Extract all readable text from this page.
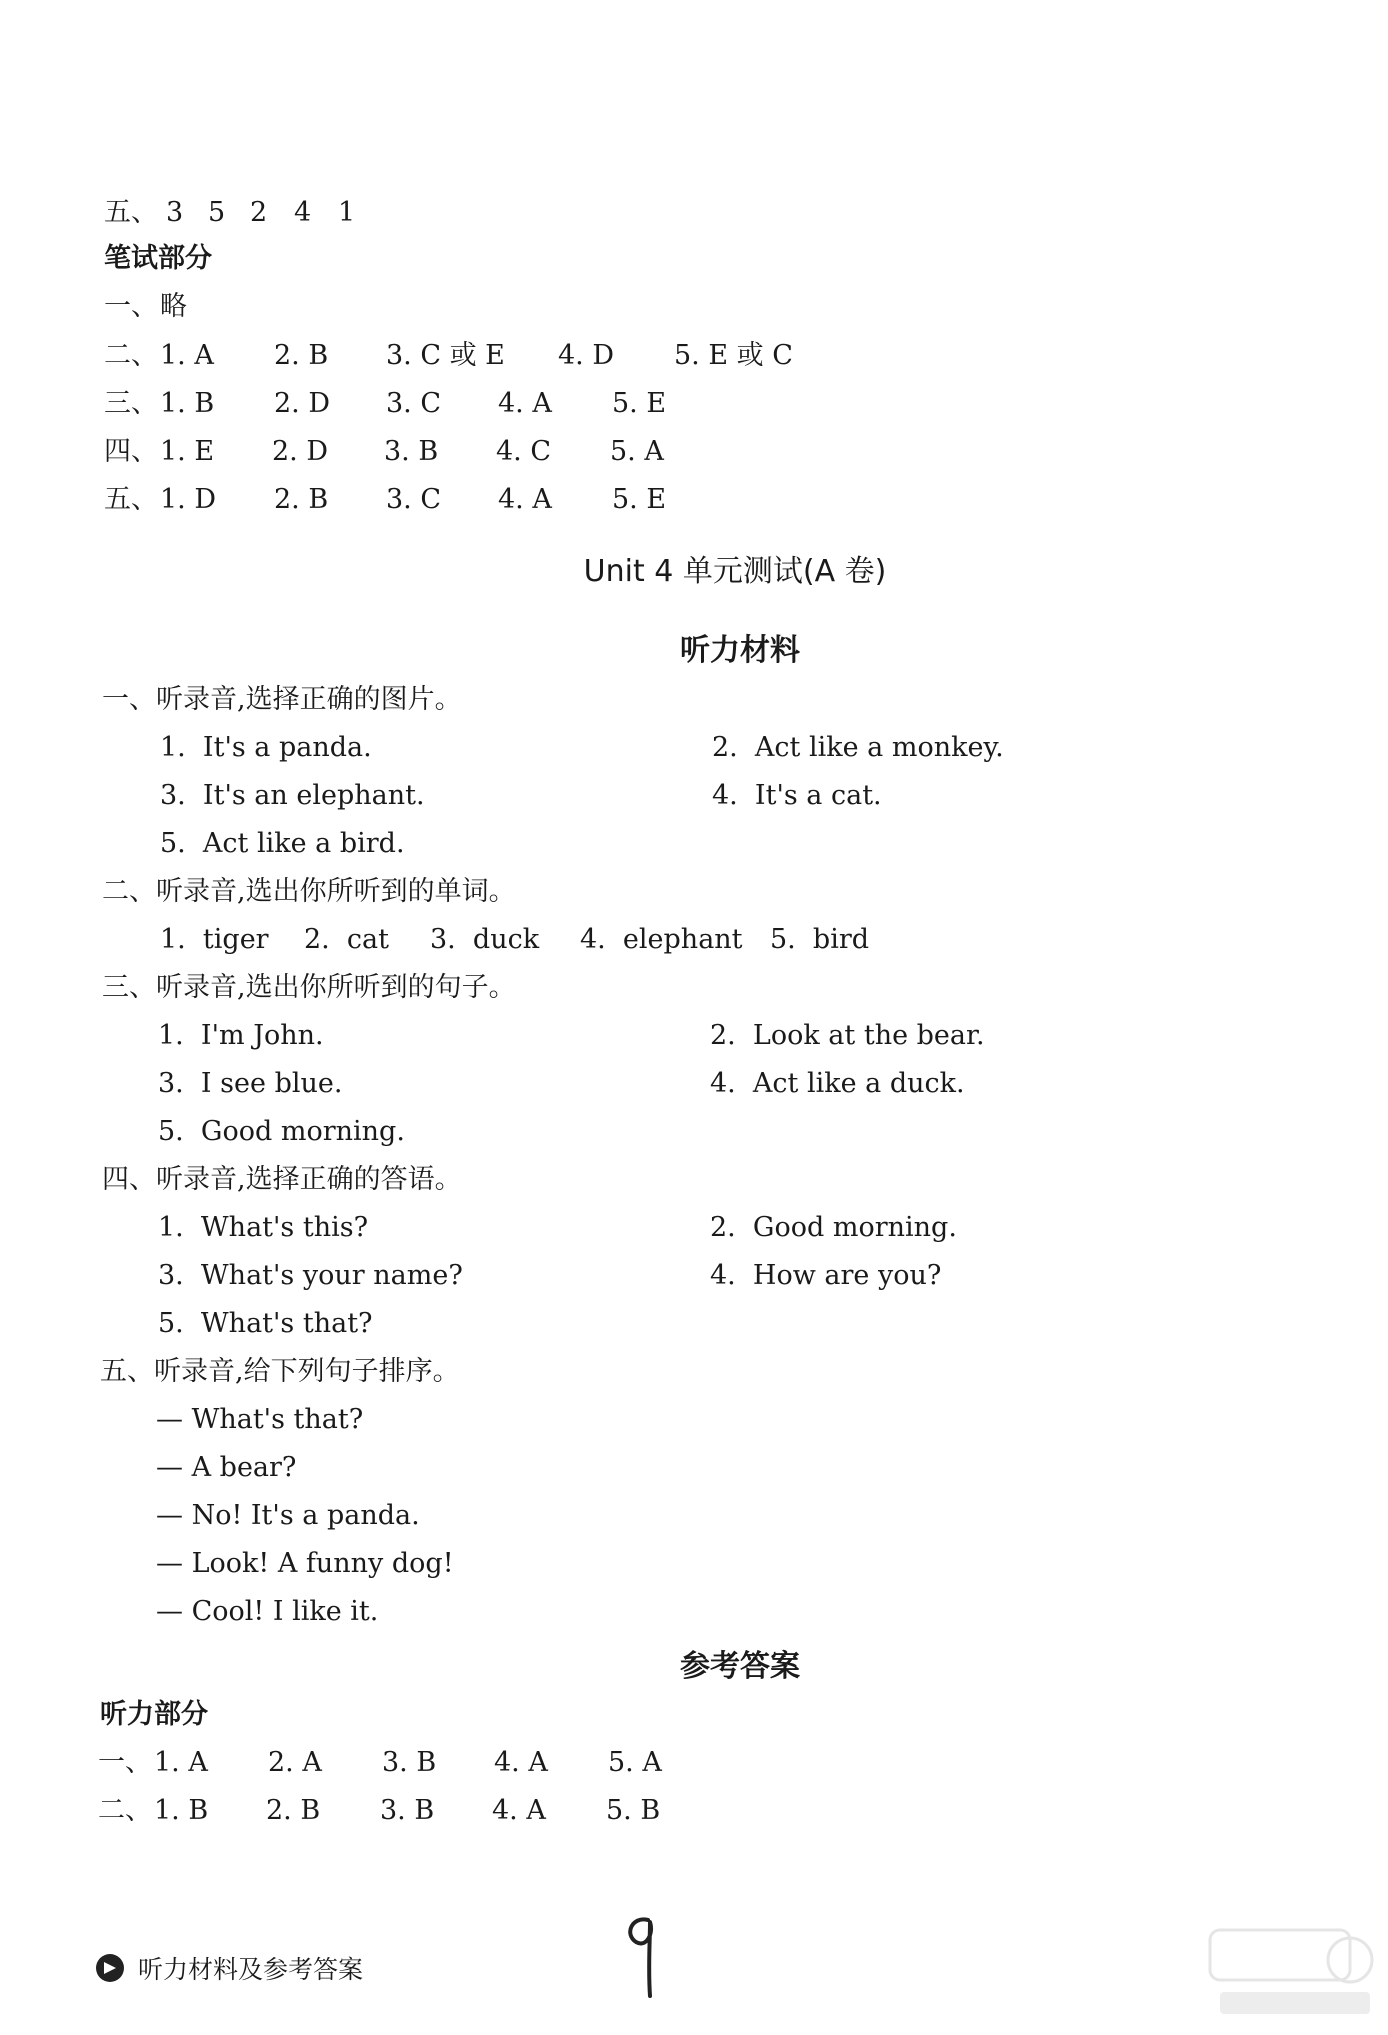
五、 3 5 2 4 1
笔试部分
一、 略
二、 1. A 2. B 3. C 或 E 4. D 5. E 或 C
三、 1. B 2. D 3. C 4. A 5. E
四、 1. E 2. D 3. B 4. C 5. A
五、 1. D 2. B 3. C 4. A 5. E
Unit 4 单元测试(A 卷)
听力材料
一、听录音,选择正确的图片。
1.  It's a panda.	2.  Act like a monkey.
3.  It's an elephant.	4.  It's a cat.
5.  Act like a bird.
二、听录音,选出你所听到的单词。
1.  tiger 2.  cat 3.  duck 4.  elephant 5.  bird
三、听录音,选出你所听到的句子。
1.  I'm John.	2.  Look at the bear.
3.  I see blue.	4.  Act like a duck.
5.  Good morning.
四、听录音,选择正确的答语。
1.  What's this?	2.  Good morning.
3.  What's your name?	4.  How are you?
5.  What's that?
五、听录音,给下列句子排序。
— What's that?
— A bear?
— No! It's a panda.
— Look! A funny dog!
— Cool! I like it.
参考答案
听力部分
一、 1. A 2. A 3. B 4. A 5. A
二、 1. B 2. B 3. B 4. A 5. B
听力材料及参考答案
